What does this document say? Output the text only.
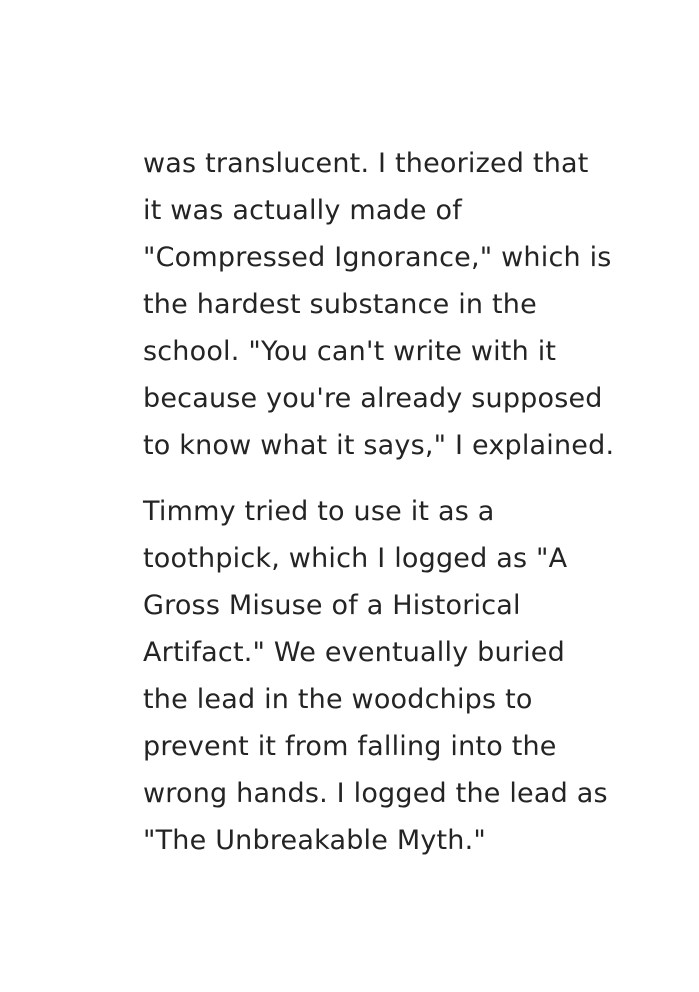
was translucent. I theorized that
it was actually made of
"Compressed Ignorance," which is
the hardest substance in the
school. "You can't write with it
because you're already supposed
to know what it says," I explained.

Timmy tried to use it as a
toothpick, which I logged as "A
Gross Misuse of a Historical
Artifact." We eventually buried
the lead in the woodchips to
prevent it from falling into the
wrong hands. I logged the lead as
"The Unbreakable Myth."
